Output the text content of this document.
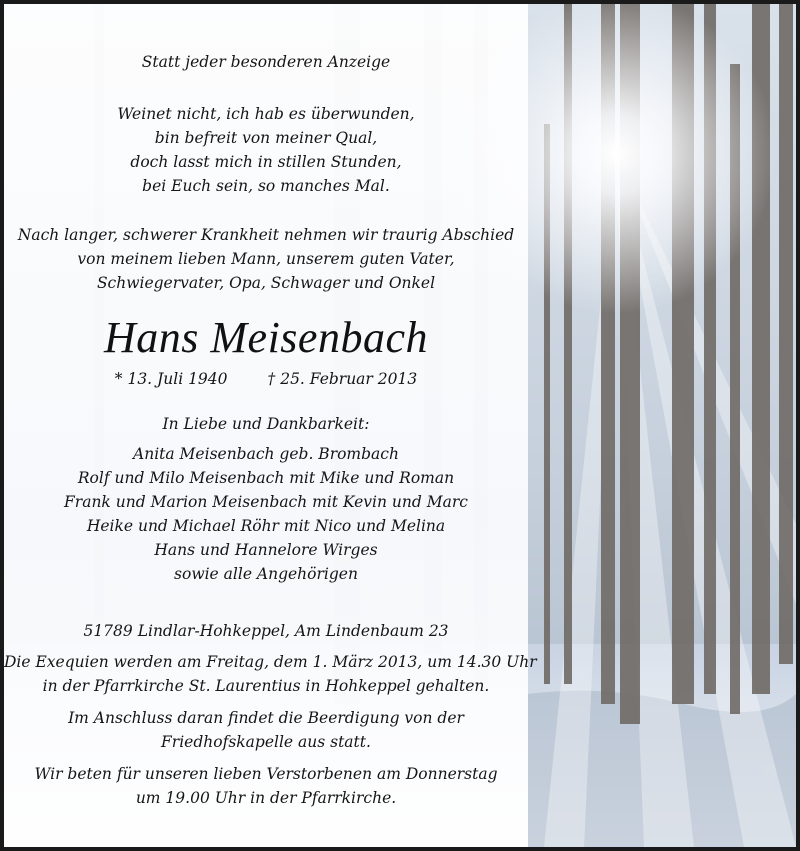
Statt jeder besonderen Anzeige
Weinet nicht, ich hab es überwunden,
bin befreit von meiner Qual,
doch lasst mich in stillen Stunden,
bei Euch sein, so manches Mal.
Nach langer, schwerer Krankheit nehmen wir traurig Abschied
von meinem lieben Mann, unserem guten Vater,
Schwiegervater, Opa, Schwager und Onkel
Hans Meisenbach
* 13. Juli 1940	† 25. Februar 2013
In Liebe und Dankbarkeit:
Anita Meisenbach geb. Brombach
Rolf und Milo Meisenbach mit Mike und Roman
Frank und Marion Meisenbach mit Kevin und Marc
Heike und Michael Röhr mit Nico und Melina
Hans und Hannelore Wirges
sowie alle Angehörigen
51789 Lindlar-Hohkeppel, Am Lindenbaum 23
Die Exequien werden am Freitag, dem 1. März 2013, um 14.30 Uhr
in der Pfarrkirche St. Laurentius in Hohkeppel gehalten.
Im Anschluss daran findet die Beerdigung von der
Friedhofskapelle aus statt.
Wir beten für unseren lieben Verstorbenen am Donnerstag
um 19.00 Uhr in der Pfarrkirche.
